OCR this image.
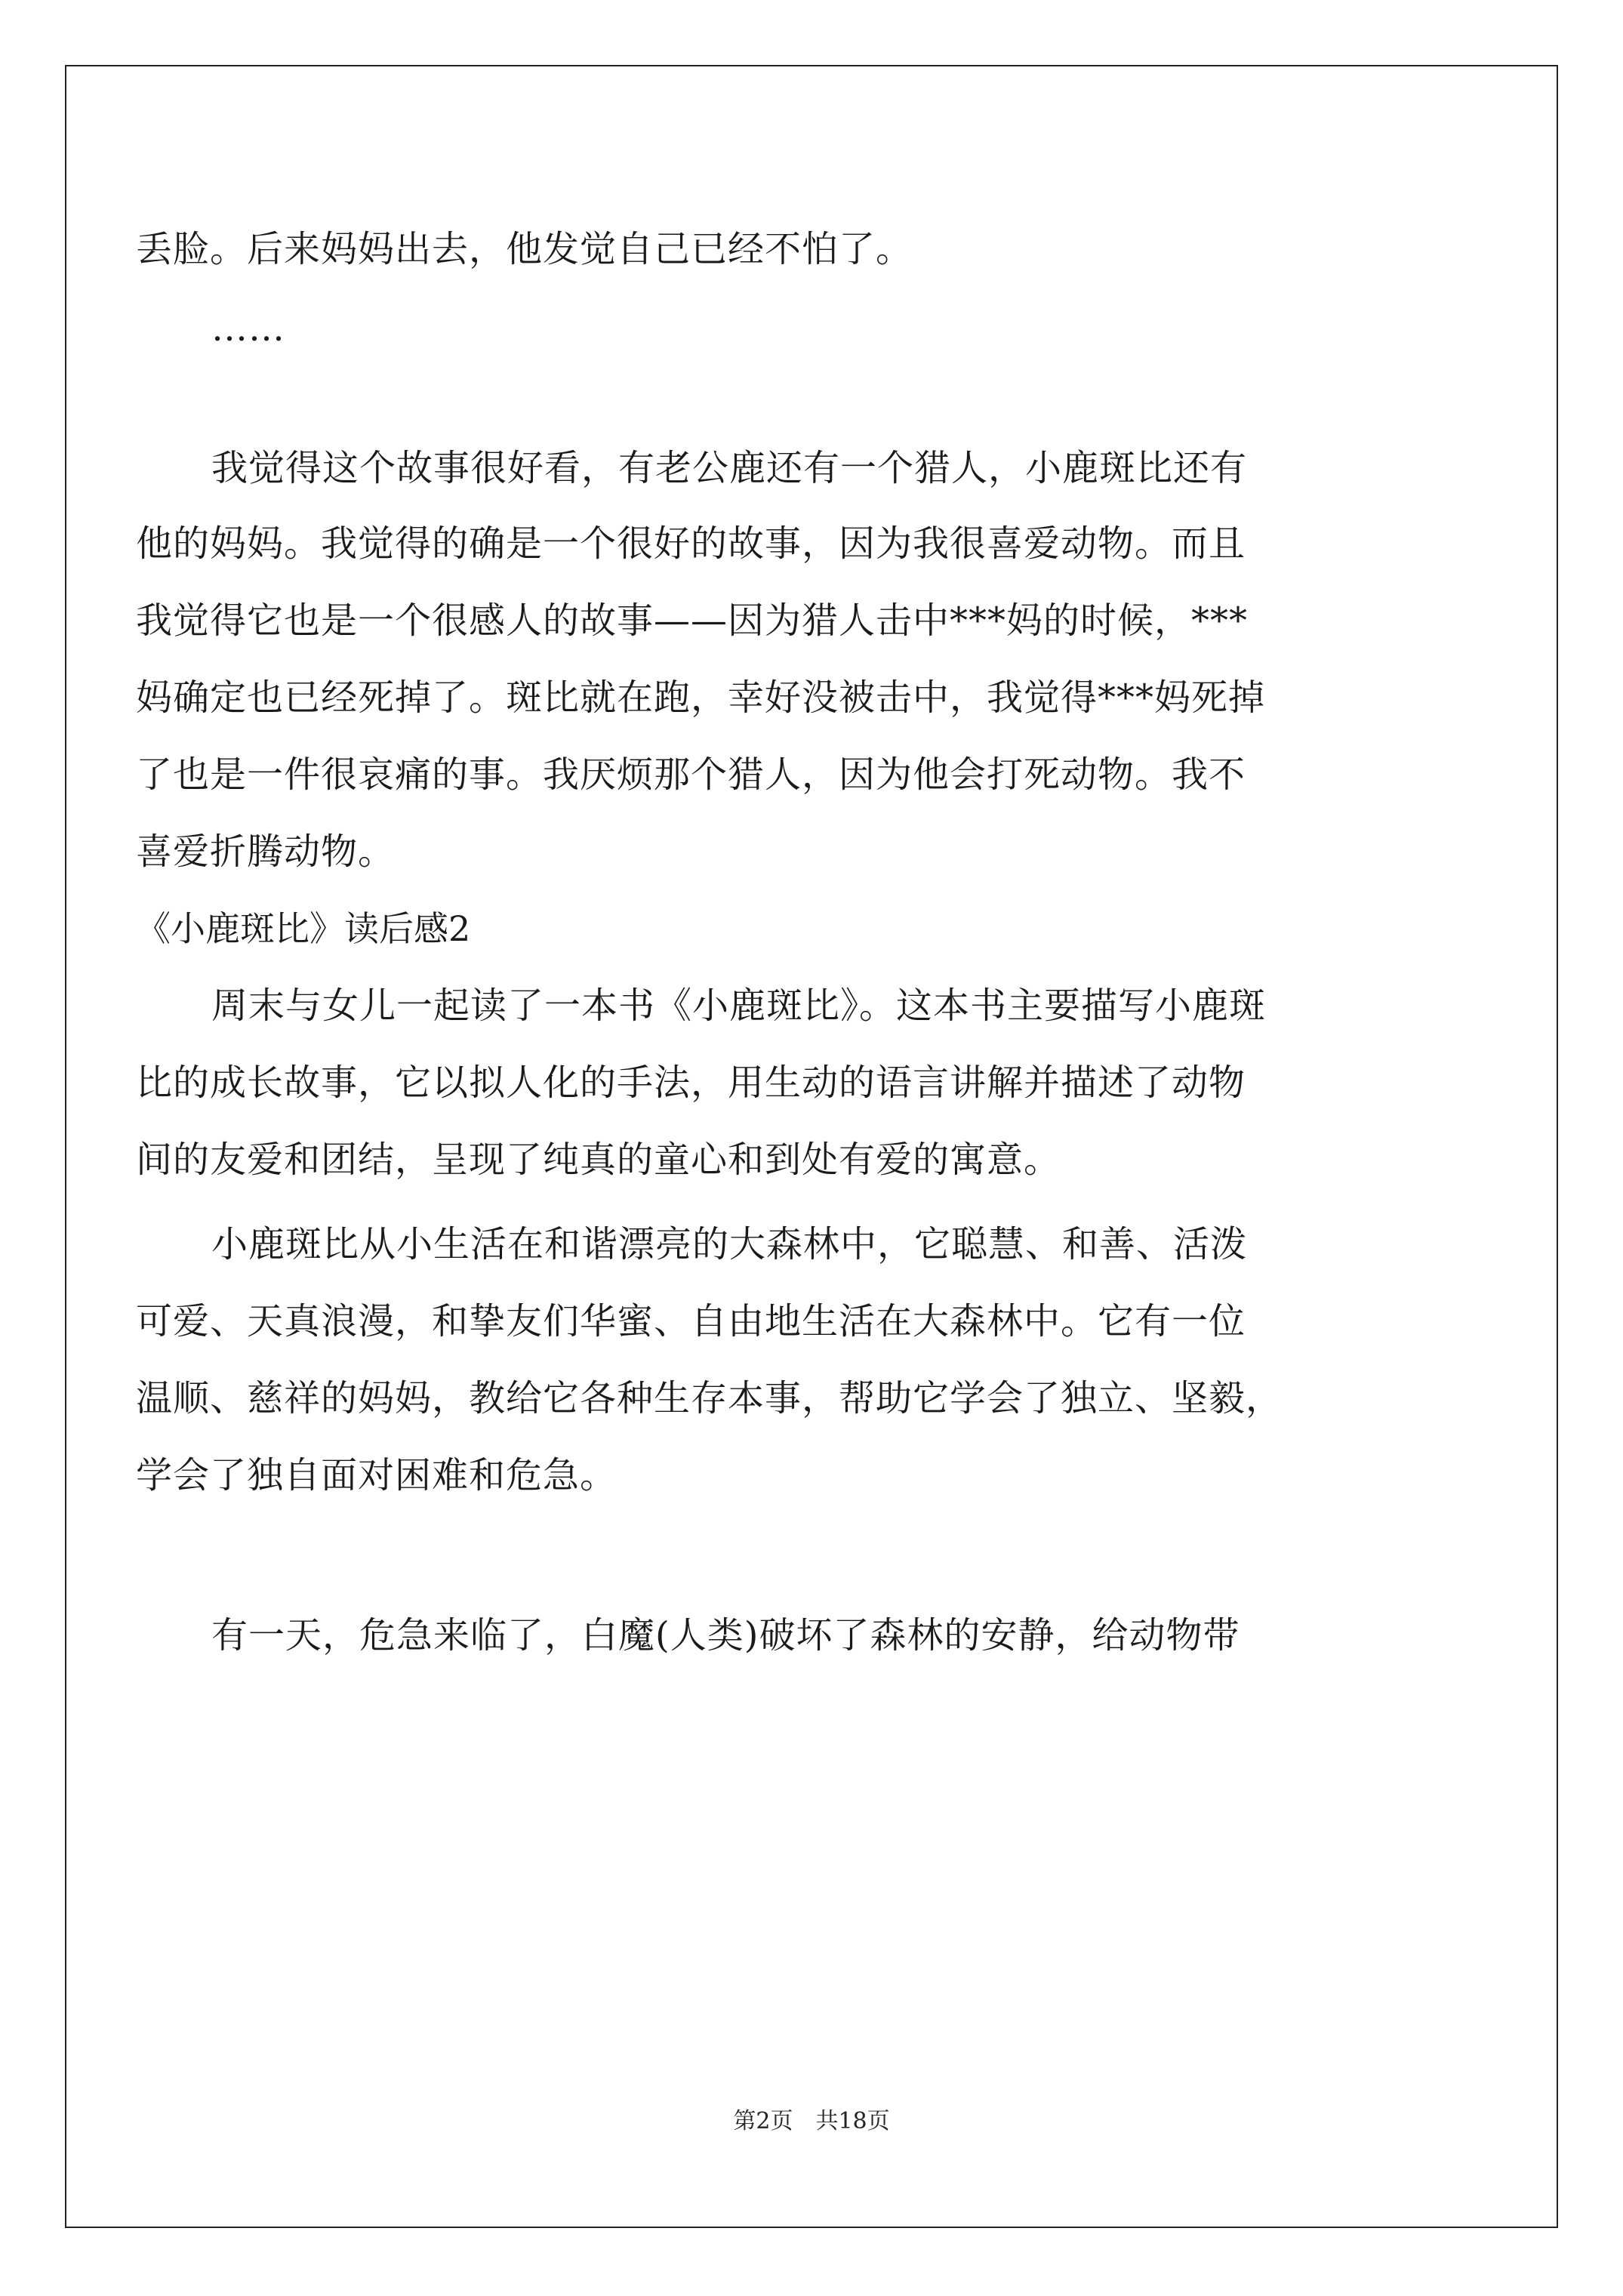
丢脸。后来妈妈出去，他发觉自己已经不怕了。
……
我觉得这个故事很好看，有老公鹿还有一个猎人，小鹿斑比还有
他的妈妈。我觉得的确是一个很好的故事，因为我很喜爱动物。而且
我觉得它也是一个很感人的故事——因为猎人击中***妈的时候，***
妈确定也已经死掉了。斑比就在跑，幸好没被击中，我觉得***妈死掉
了也是一件很哀痛的事。我厌烦那个猎人，因为他会打死动物。我不
喜爱折腾动物。
《小鹿斑比》读后感2
周末与女儿一起读了一本书《小鹿斑比》。这本书主要描写小鹿斑
比的成长故事，它以拟人化的手法，用生动的语言讲解并描述了动物
间的友爱和团结，呈现了纯真的童心和到处有爱的寓意。
小鹿斑比从小生活在和谐漂亮的大森林中，它聪慧、和善、活泼
可爱、天真浪漫，和挚友们华蜜、自由地生活在大森林中。它有一位
温顺、慈祥的妈妈，教给它各种生存本事，帮助它学会了独立、坚毅，
学会了独自面对困难和危急。
有一天，危急来临了，白魔(人类)破坏了森林的安静，给动物带
第2页　共18页
